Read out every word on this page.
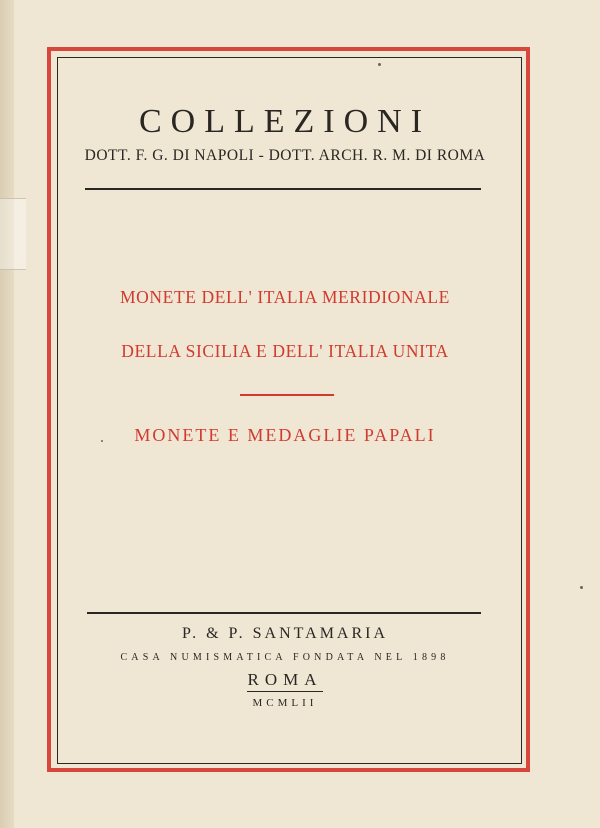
COLLEZIONI
DOTT. F. G. DI NAPOLI - DOTT. ARCH. R. M. DI ROMA
MONETE DELL' ITALIA MERIDIONALE
DELLA SICILIA E DELL' ITALIA UNITA
MONETE E MEDAGLIE PAPALI
P. & P. SANTAMARIA
CASA NUMISMATICA FONDATA NEL 1898
ROMA
MCMLII
